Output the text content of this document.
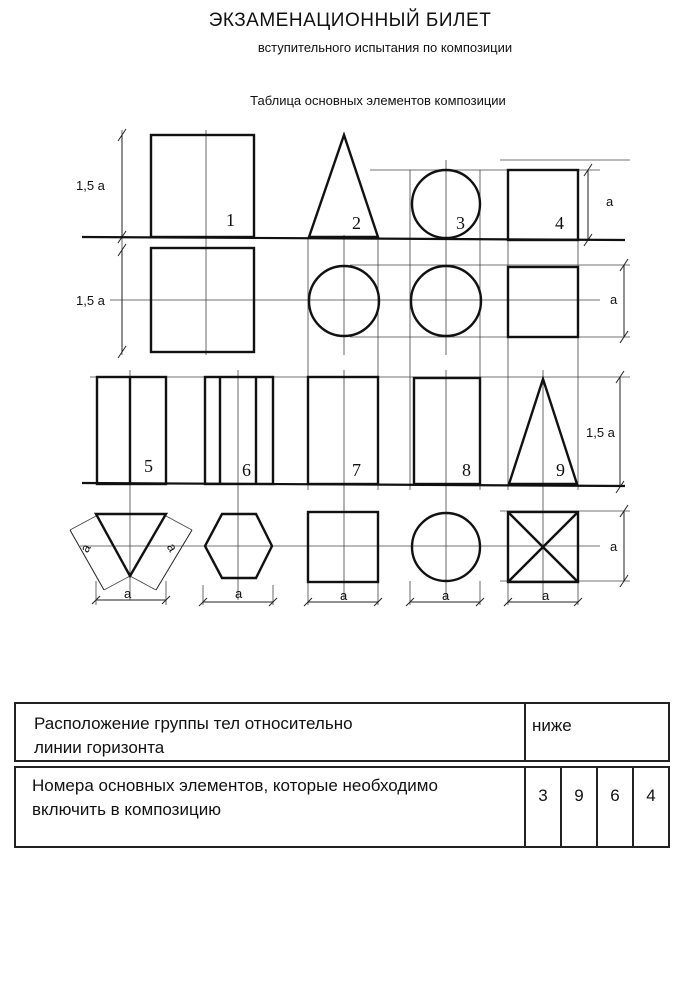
ЭКЗАМЕНАЦИОННЫЙ БИЛЕТ
вступительного испытания по композиции
Таблица основных элементов композиции
1	2	3	4
5	6	7	8	9
1,5 a
1,5 a
1,5 a
a
a
a
a	a	a	a	a
a	a
Расположение группы тел относительно
линии горизонта	ниже			

Номера основных элементов, которые необходимо
включить в композицию	3	9	6	4
